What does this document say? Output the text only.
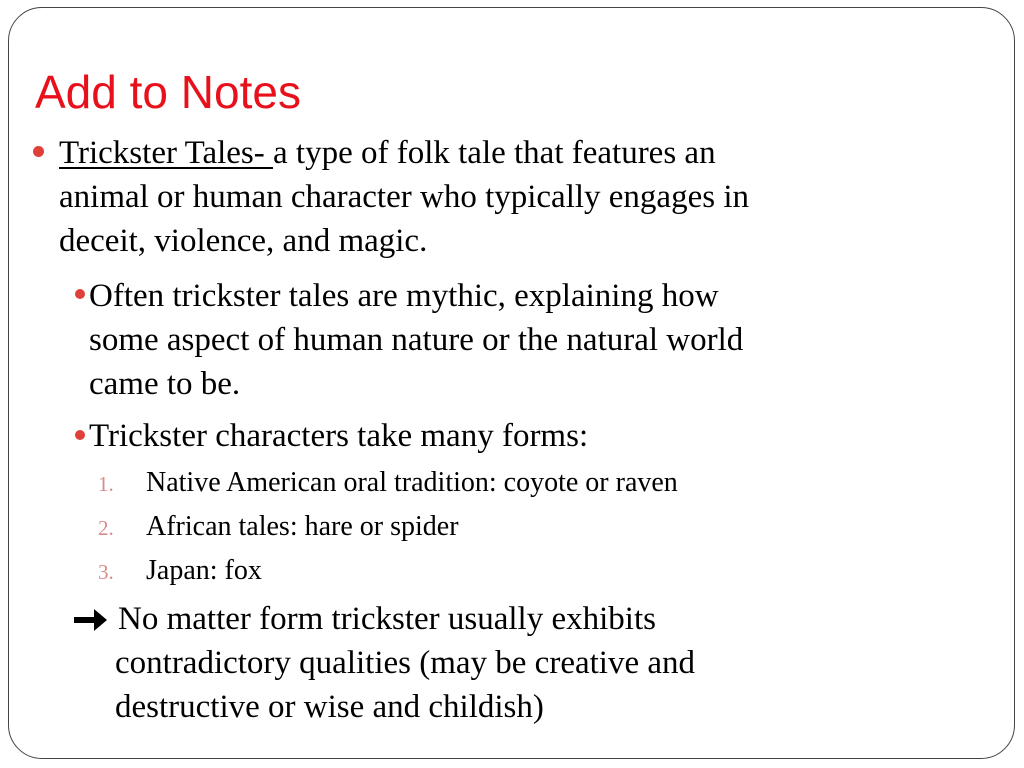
Add to Notes
Trickster Tales- a type of folk tale that features an
animal or human character who typically engages in
deceit, violence, and magic.
Often trickster tales are mythic, explaining how
some aspect of human nature or the natural world
came to be.
Trickster characters take many forms:
1. Native American oral tradition: coyote or raven
2. African tales: hare or spider
3. Japan: fox
No matter form trickster usually exhibits
contradictory qualities (may be creative and
destructive or wise and childish)
